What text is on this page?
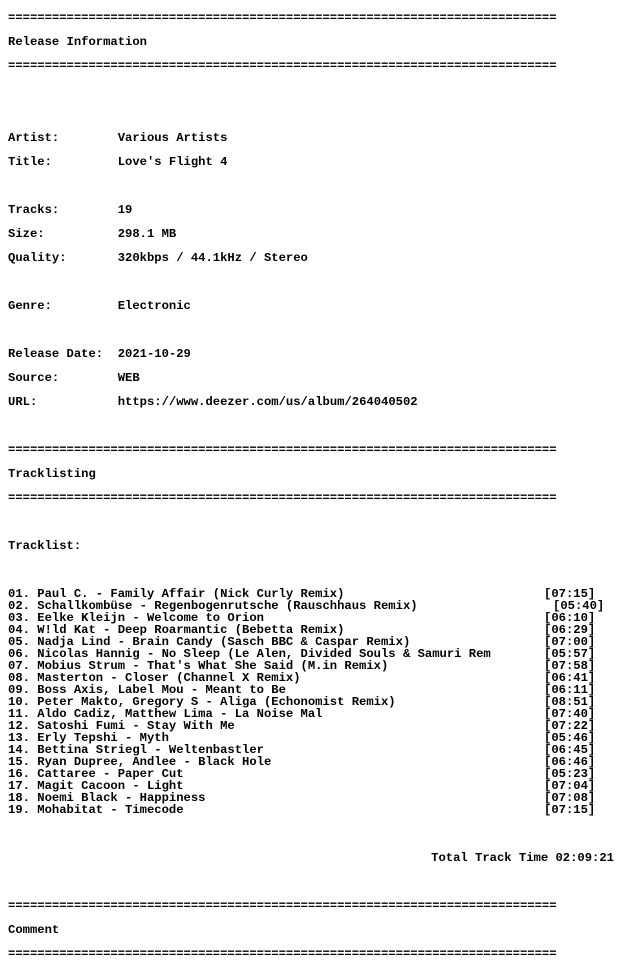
===========================================================================

Release Information

===========================================================================

Artist:	Various Artists

Title:	Love's Flight 4

Tracks:	19

Size:	298.1 MB

Quality:	320kbps / 44.1kHz / Stereo

Genre:	Electronic

Release Date: 2021-10-29

Source:	WEB

URL:	https://www.deezer.com/us/album/264040502

===========================================================================

Tracklisting

===========================================================================

Tracklist:

01. Paul C. - Family Affair (Nick Curly Remix)	[07:15]
02. Schallkombüse - Regenbogenrutsche (Rauschhaus Remix)	[05:40]
03. Eelke Kleijn - Welcome to Orion	[06:10]
04. W!ld Kat - Deep Roarmantic (Bebetta Remix)	[06:29]
05. Nadja Lind - Brain Candy (Sasch BBC & Caspar Remix)	[07:00]
06. Nicolas Hannig - No Sleep (Le Alen, Divided Souls & Samuri Rem	[05:57]
07. Mobius Strum - That's What She Said (M.in Remix)	[07:58]
08. Masterton - Closer (Channel X Remix)	[06:41]
09. Boss Axis, Label Mou - Meant to Be	[06:11]
10. Peter Makto, Gregory S - Aliga (Echonomist Remix)	[08:51]
11. Aldo Cadiz, Matthew Lima - La Noise Mal	[07:40]
12. Satoshi Fumi - Stay With Me	[07:22]
13. Erly Tepshi - Myth	[05:46]
14. Bettina Striegl - Weltenbastler	[06:45]
15. Ryan Dupree, Andlee - Black Hole	[06:46]
16. Cattaree - Paper Cut	[05:23]
17. Magit Cacoon - Light	[07:04]
18. Noemi Black - Happiness	[07:08]
19. Mohabitat - Timecode	[07:15]

Total Track Time 02:09:21

===========================================================================

Comment

===========================================================================
